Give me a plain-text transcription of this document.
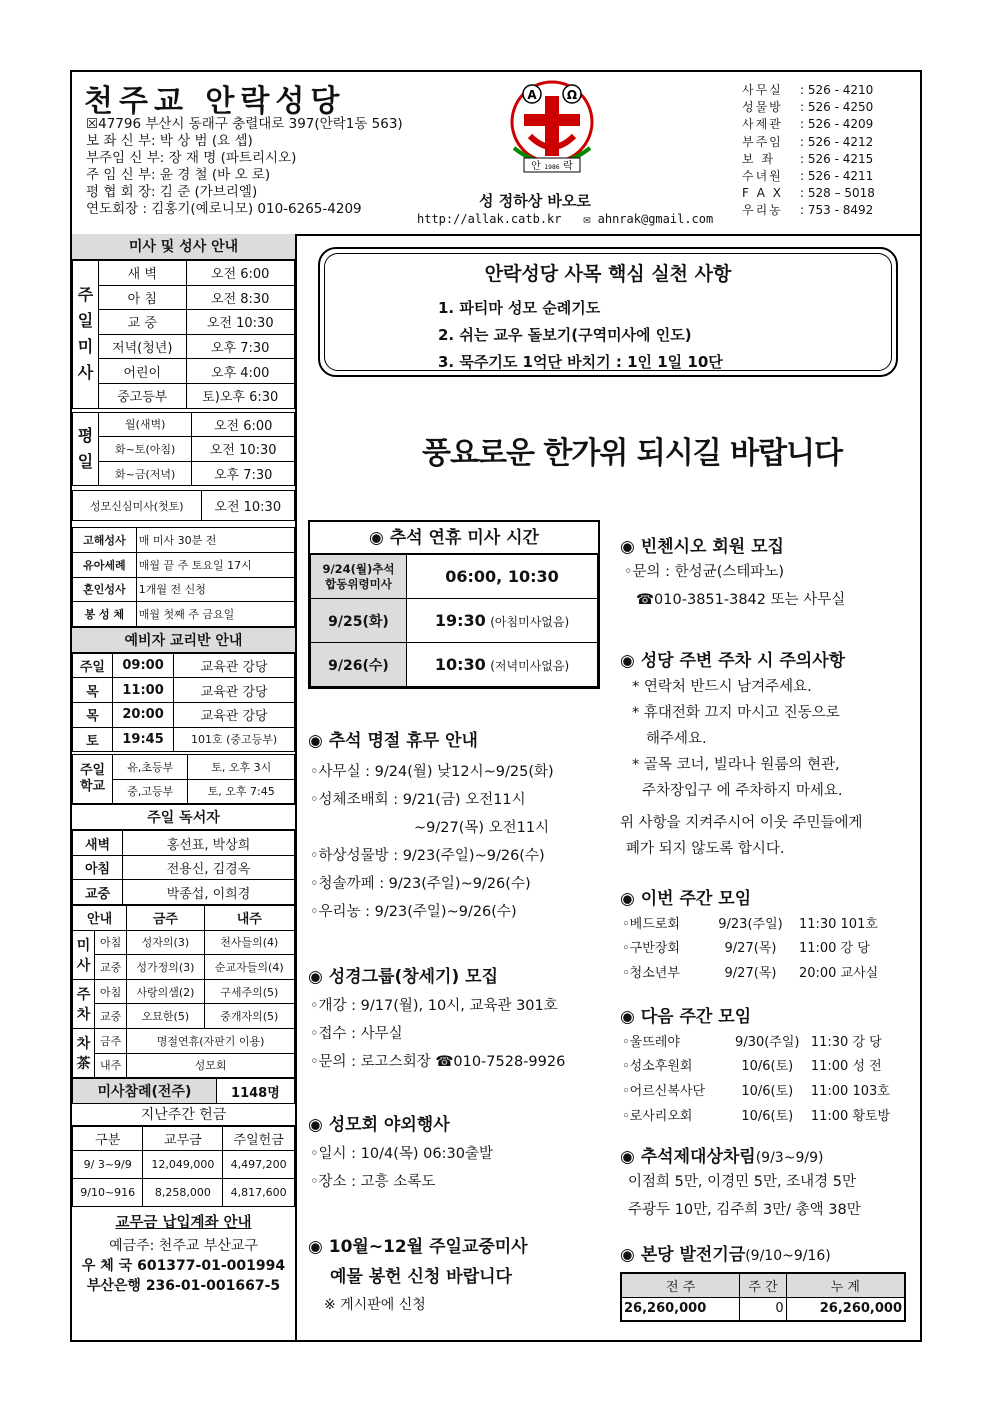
천주교 안락성당
☒47796 부산시 동래구 충렬대로 397(안락1동 563)
보 좌 신 부: 박 상 범 (요 셉)
부주임 신 부: 장 재 명 (파트리시오)
주 임 신 부: 윤 경 철 (바 오 로)
평 협 회 장: 김 준 (가브리엘)
연도회장 : 김홍기(예로니모) 010-6265-4209
A	Ω
안 1986 락
성 정하상 바오로
http://allak.catb.kr ✉ ahnrak@gmail.com
사무실	: 526 - 4210
성물방	: 526 - 4250
사제관	: 526 - 4209
부주임	: 526 - 4212
보 좌	: 526 - 4215
수녀원	: 526 - 4211
F A X	: 528 – 5018
우리농	: 753 - 8492
미사 및 성사 안내
주일미사	새 벽	오전 6:00
	아 침	오전 8:30
	교 중	오전 10:30
	저녁(청년)	오후 7:30
	어린이	오후 4:00
	중고등부	토)오후 6:30
평일	월(새벽)	오전 6:00
	화~토(아침)	오전 10:30
	화~금(저녁)	오후 7:30
성모신심미사(첫토)	오전 10:30
고해성사	매 미사 30분 전
유아세례	매월 끝 주 토요일 17시
혼인성사	1개월 전 신청
봉 성 체	매월 첫째 주 금요일
예비자 교리반 안내
주일	09:00	교육관 강당
목	11:00	교육관 강당
목	20:00	교육관 강당
토	19:45	101호 (중고등부)
주일학교	유,초등부	토, 오후 3시
	중,고등부	토, 오후 7:45
주일 독서자
새벽	홍선표, 박상희
아침	전용신, 김경옥
교중	박종섭, 이희경
안내		금주	내주
미사	아침	성자의(3)	천사들의(4)
	교중	성가정의(3)	순교자들의(4)
주차	아침	사랑의샘(2)	구세주의(5)
	교중	오묘한(5)	중개자의(5)
차茶	금주	명절연휴(자판기 이용)	
	내주	성모회	
미사참례(전주)	1148명
지난주간 헌금
구분	교무금	주일헌금
9/ 3~9/9	12,049,000	4,497,200
9/10~916	8,258,000	4,817,600
교무금 납입계좌 안내
예금주: 천주교 부산교구
우 체 국 601377-01-001994
부산은행 236-01-001667-5
안락성당 사목 핵심 실천 사항
1. 파티마 성모 순례기도
2. 쉬는 교우 돌보기(구역미사에 인도)
3. 묵주기도 1억단 바치기 : 1인 1일 10단
풍요로운 한가위 되시길 바랍니다
◉ 추석 연휴 미사 시간
9/24(월)추석
합동위령미사	06:00, 10:30
9/25(화)	19:30 (아침미사없음)
9/26(수)	10:30 (저녁미사없음)
◉ 추석 명절 휴무 안내
◦사무실 : 9/24(월) 낮12시~9/25(화)
◦성체조배회 : 9/21(금) 오전11시
~9/27(목) 오전11시
◦하상성물방 : 9/23(주일)~9/26(수)
◦청솔까페 : 9/23(주일)~9/26(수)
◦우리농 : 9/23(주일)~9/26(수)
◉ 성경그룹(창세기) 모집
◦개강 : 9/17(월), 10시, 교육관 301호
◦접수 : 사무실
◦문의 : 로고스회장 ☎010-7528-9926
◉ 성모회 야외행사
◦일시 : 10/4(목) 06:30출발
◦장소 : 고흥 소록도
◉ 10월~12월 주일교중미사
예물 봉헌 신청 바랍니다
※ 게시판에 신청
◉ 빈첸시오 회원 모집
◦문의 : 한성균(스테파노)
☎010-3851-3842 또는 사무실
◉ 성당 주변 주차 시 주의사항
* 연락처 반드시 남겨주세요.
* 휴대전화 끄지 마시고 진동으로
해주세요.
* 골목 코너, 빌라나 원룸의 현관,
주차장입구 에 주차하지 마세요.
위 사항을 지켜주시어 이웃 주민들에게
폐가 되지 않도록 합시다.
◉ 이번 주간 모임
◦베드로회	9/23(주일)	11:30 101호
◦구반장회	9/27(목)	11:00 강 당
◦청소년부	9/27(목)	20:00 교사실
◉ 다음 주간 모임
◦울뜨레야	9/30(주일)	11:30 강 당
◦성소후원회	10/6(토)	11:00 성 전
◦어르신복사단	10/6(토)	11:00 103호
◦로사리오회	10/6(토)	11:00 황토방
◉ 추석제대상차림(9/3~9/9)
이점희 5만, 이경민 5만, 조내경 5만
주광두 10만, 김주희 3만/ 총액 38만
◉ 본당 발전기금(9/10~9/16)
전 주	주 간	누 계
26,260,000	0	26,260,000
